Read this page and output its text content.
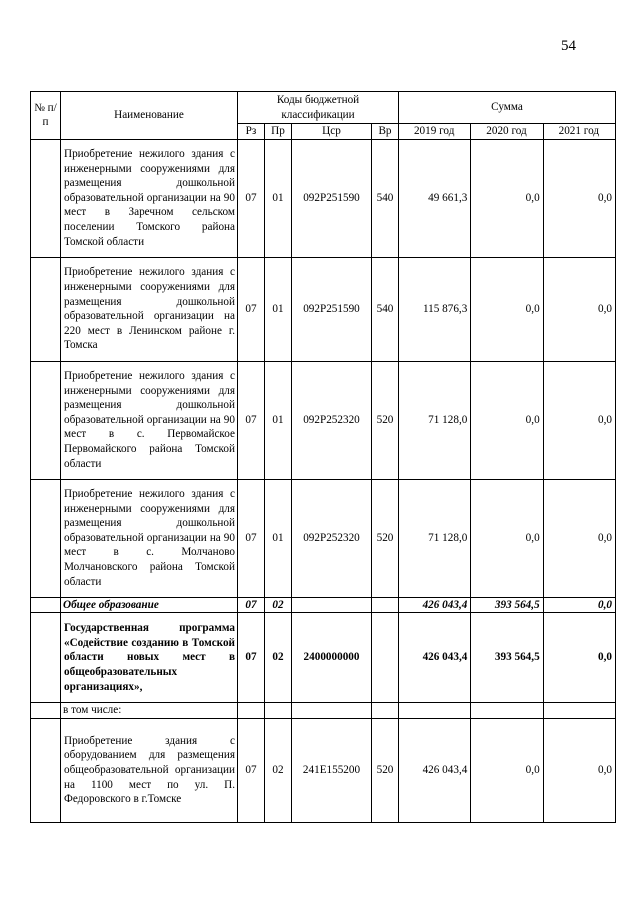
54
№ п/п	Наименование	Коды бюджетной классификации				Сумма		
		Рз	Пр	Цср	Вр	2019 год	2020 год	2021 год
	Приобретение нежилого здания с инженерными сооружениями для размещения дошкольной образовательной организации на 90 мест в Заречном сельском поселении Томского района Томской области	07	01	092P251590	540	49 661,3	0,0	0,0
	Приобретение нежилого здания с инженерными сооружениями для размещения дошкольной образовательной организации на 220 мест в Ленинском районе г. Томска	07	01	092P251590	540	115 876,3	0,0	0,0
	Приобретение нежилого здания с инженерными сооружениями для размещения дошкольной образовательной организации на 90 мест в с. Первомайское Первомайского района Томской области	07	01	092P252320	520	71 128,0	0,0	0,0
	Приобретение нежилого здания с инженерными сооружениями для размещения дошкольной образовательной организации на 90 мест в с. Молчаново Молчановского района Томской области	07	01	092P252320	520	71 128,0	0,0	0,0
	Общее образование	07	02			426 043,4	393 564,5	0,0
	Государственная программа «Содействие созданию в Томской области новых мест в общеобразовательных организациях»,	07	02	2400000000		426 043,4	393 564,5	0,0
	в том числе:							
	Приобретение здания с оборудованием для размещения общеобразовательной организации на 1100 мест по ул. П. Федоровского в г.Томске	07	02	241E155200	520	426 043,4	0,0	0,0
